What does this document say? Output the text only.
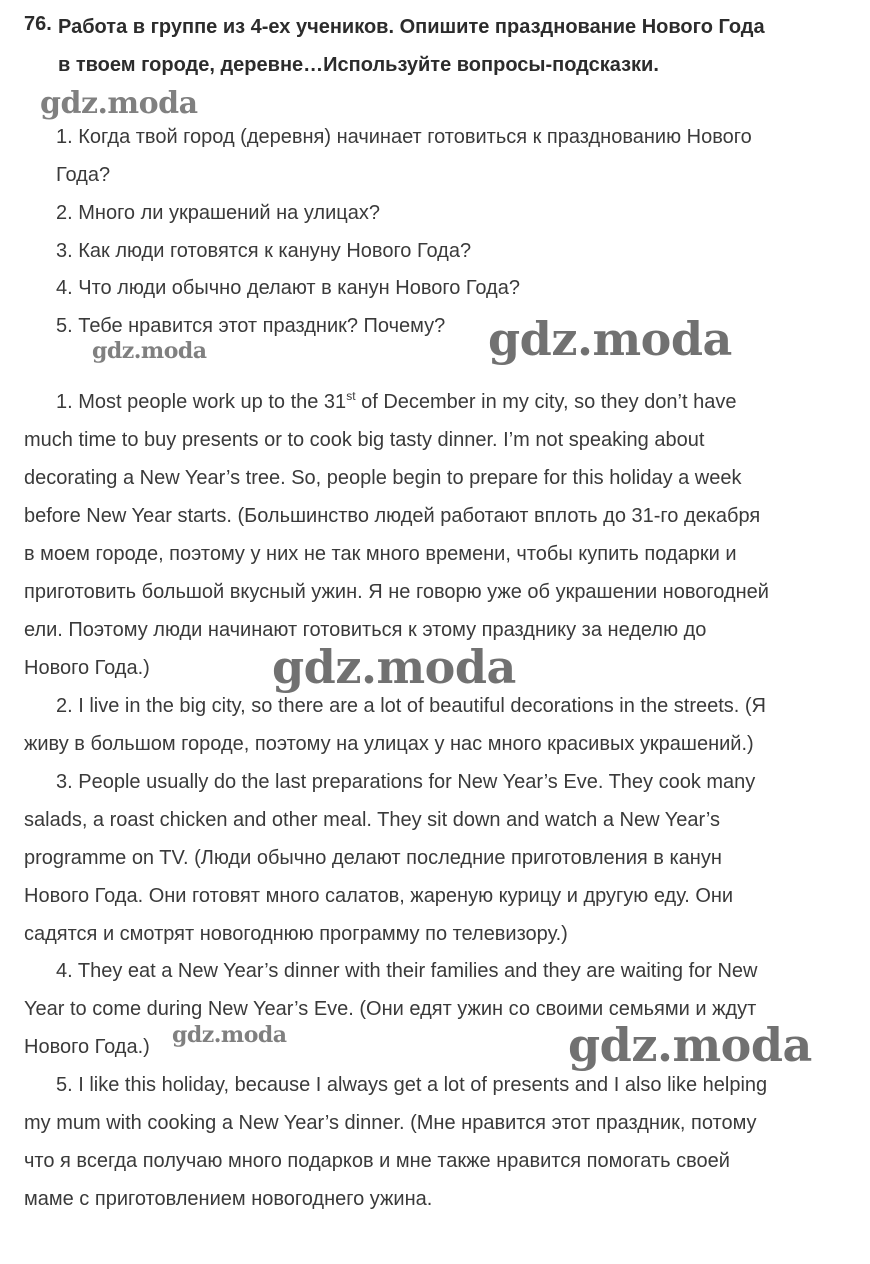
76. Работа в группе из 4-ех учеников. Опишите празднование Нового Года
в твоем городе, деревне…Используйте вопросы-подсказки.
1. Когда твой город (деревня) начинает готовиться к празднованию Нового
Года?
2. Много ли украшений на улицах?
3. Как люди готовятся к кануну Нового Года?
4. Что люди обычно делают в канун Нового Года?
5. Тебе нравится этот праздник? Почему?
1. Most people work up to the 31st of December in my city, so they don’t have
much time to buy presents or to cook big tasty dinner. I’m not speaking about
decorating a New Year’s tree. So, people begin to prepare for this holiday a week
before New Year starts. (Большинство людей работают вплоть до 31-го декабря
в моем городе, поэтому у них не так много времени, чтобы купить подарки и
приготовить большой вкусный ужин. Я не говорю уже об украшении новогодней
ели. Поэтому люди начинают готовиться к этому празднику за неделю до
Нового Года.)
2. I live in the big city, so there are a lot of beautiful decorations in the streets. (Я
живу в большом городе, поэтому на улицах у нас много красивых украшений.)
3. People usually do the last preparations for New Year’s Eve. They cook many
salads, a roast chicken and other meal. They sit down and watch a New Year’s
programme on TV. (Люди обычно делают последние приготовления в канун
Нового Года. Они готовят много салатов, жареную курицу и другую еду. Они
садятся и смотрят новогоднюю программу по телевизору.)
4. They eat a New Year’s dinner with their families and they are waiting for New
Year to come during New Year’s Eve. (Они едят ужин со своими семьями и ждут
Нового Года.)
5. I like this holiday, because I always get a lot of presents and I also like helping
my mum with cooking a New Year’s dinner. (Мне нравится этот праздник, потому
что я всегда получаю много подарков и мне также нравится помогать своей
маме с приготовлением новогоднего ужина.
gdz.moda
gdz.moda	gdz.moda
gdz.moda
gdz.moda	gdz.moda
